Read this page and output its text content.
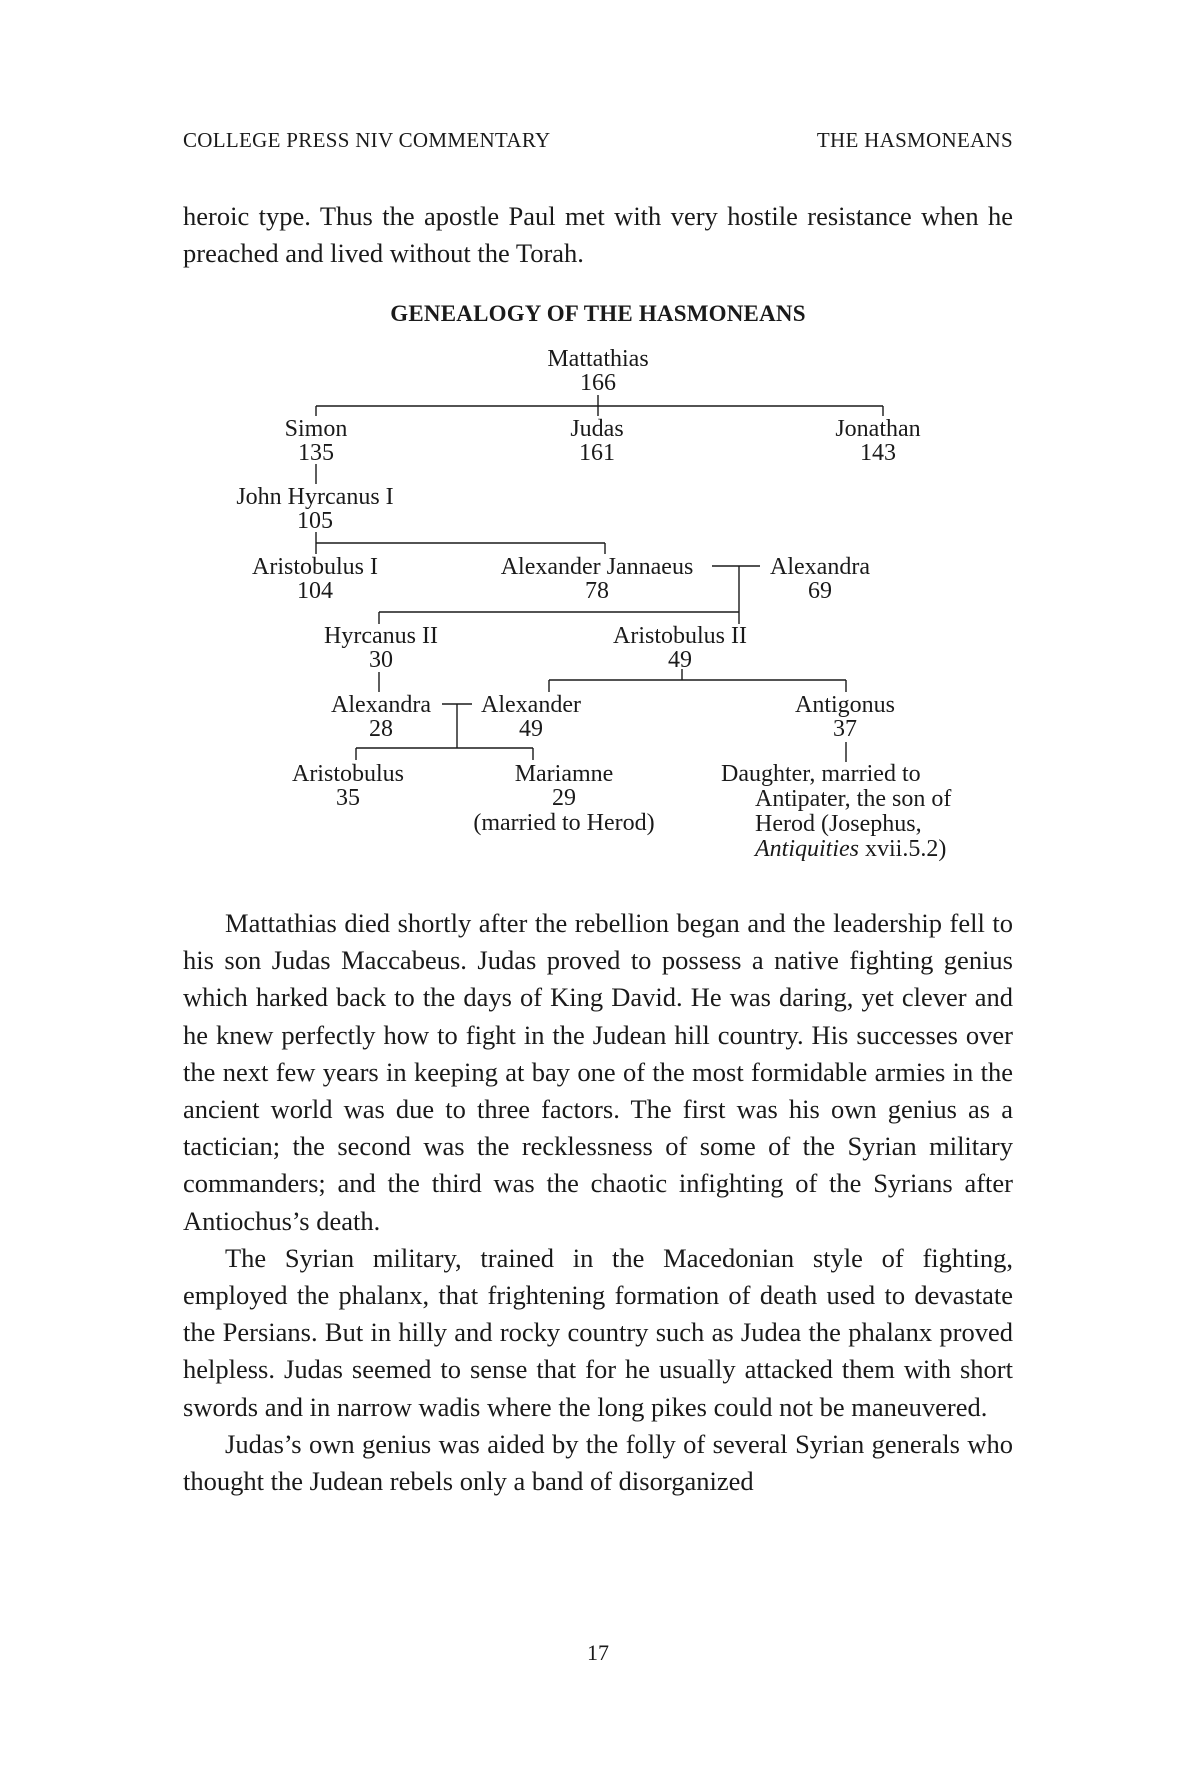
COLLEGE PRESS NIV COMMENTARY	THE HASMONEANS

heroic type. Thus the apostle Paul met with very hostile resistance when he preached and lived without the Torah.

GENEALOGY OF THE HASMONEANS
Mattathias
166
Simon
135
Judas
161
Jonathan
143
John Hyrcanus I
105
Aristobulus I
104
Alexander Jannaeus
78
Alexandra
69
Hyrcanus II
30
Aristobulus II
49
Alexandra
28
Alexander
49
Antigonus
37
Aristobulus
35
Mariamne
29
(married to Herod)
Daughter, married to
Antipater, the son of
Herod (Josephus,
Antiquities xvii.5.2)

Mattathias died shortly after the rebellion began and the leadership fell to his son Judas Maccabeus. Judas proved to possess a native fighting genius which harked back to the days of King David. He was daring, yet clever and he knew perfectly how to fight in the Judean hill country. His successes over the next few years in keeping at bay one of the most formidable armies in the ancient world was due to three factors. The first was his own genius as a tactician; the second was the recklessness of some of the Syrian military commanders; and the third was the chaotic infighting of the Syrians after Antiochus’s death.

The Syrian military, trained in the Macedonian style of fighting, employed the phalanx, that frightening formation of death used to devastate the Persians. But in hilly and rocky country such as Judea the phalanx proved helpless. Judas seemed to sense that for he usually attacked them with short swords and in narrow wadis where the long pikes could not be maneuvered.

Judas’s own genius was aided by the folly of several Syrian generals who thought the Judean rebels only a band of disorganized

17
